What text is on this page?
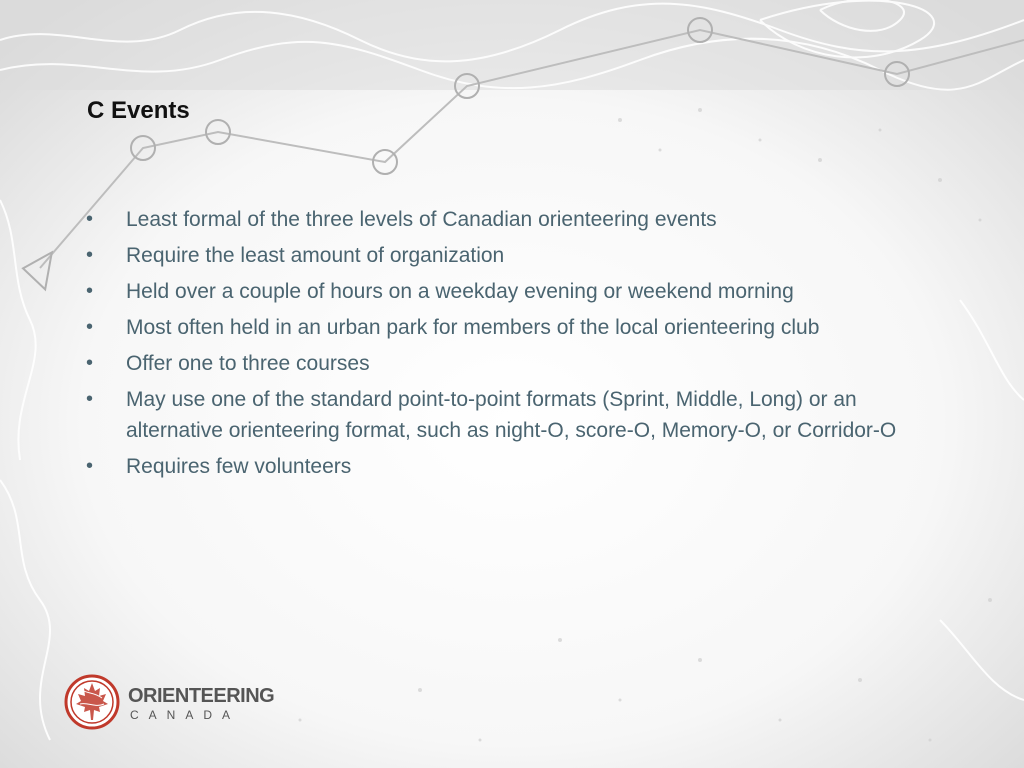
C Events
• Least formal of the three levels of Canadian orienteering events
• Require the least amount of organization
• Held over a couple of hours on a weekday evening or weekend morning
• Most often held in an urban park for members of the local orienteering club
• Offer one to three courses
• May use one of the standard point-to-point formats (Sprint, Middle, Long) or an alternative orienteering format, such as night-O, score-O, Memory-O, or Corridor-O
• Requires few volunteers
ORIENTEERING
CANADA
